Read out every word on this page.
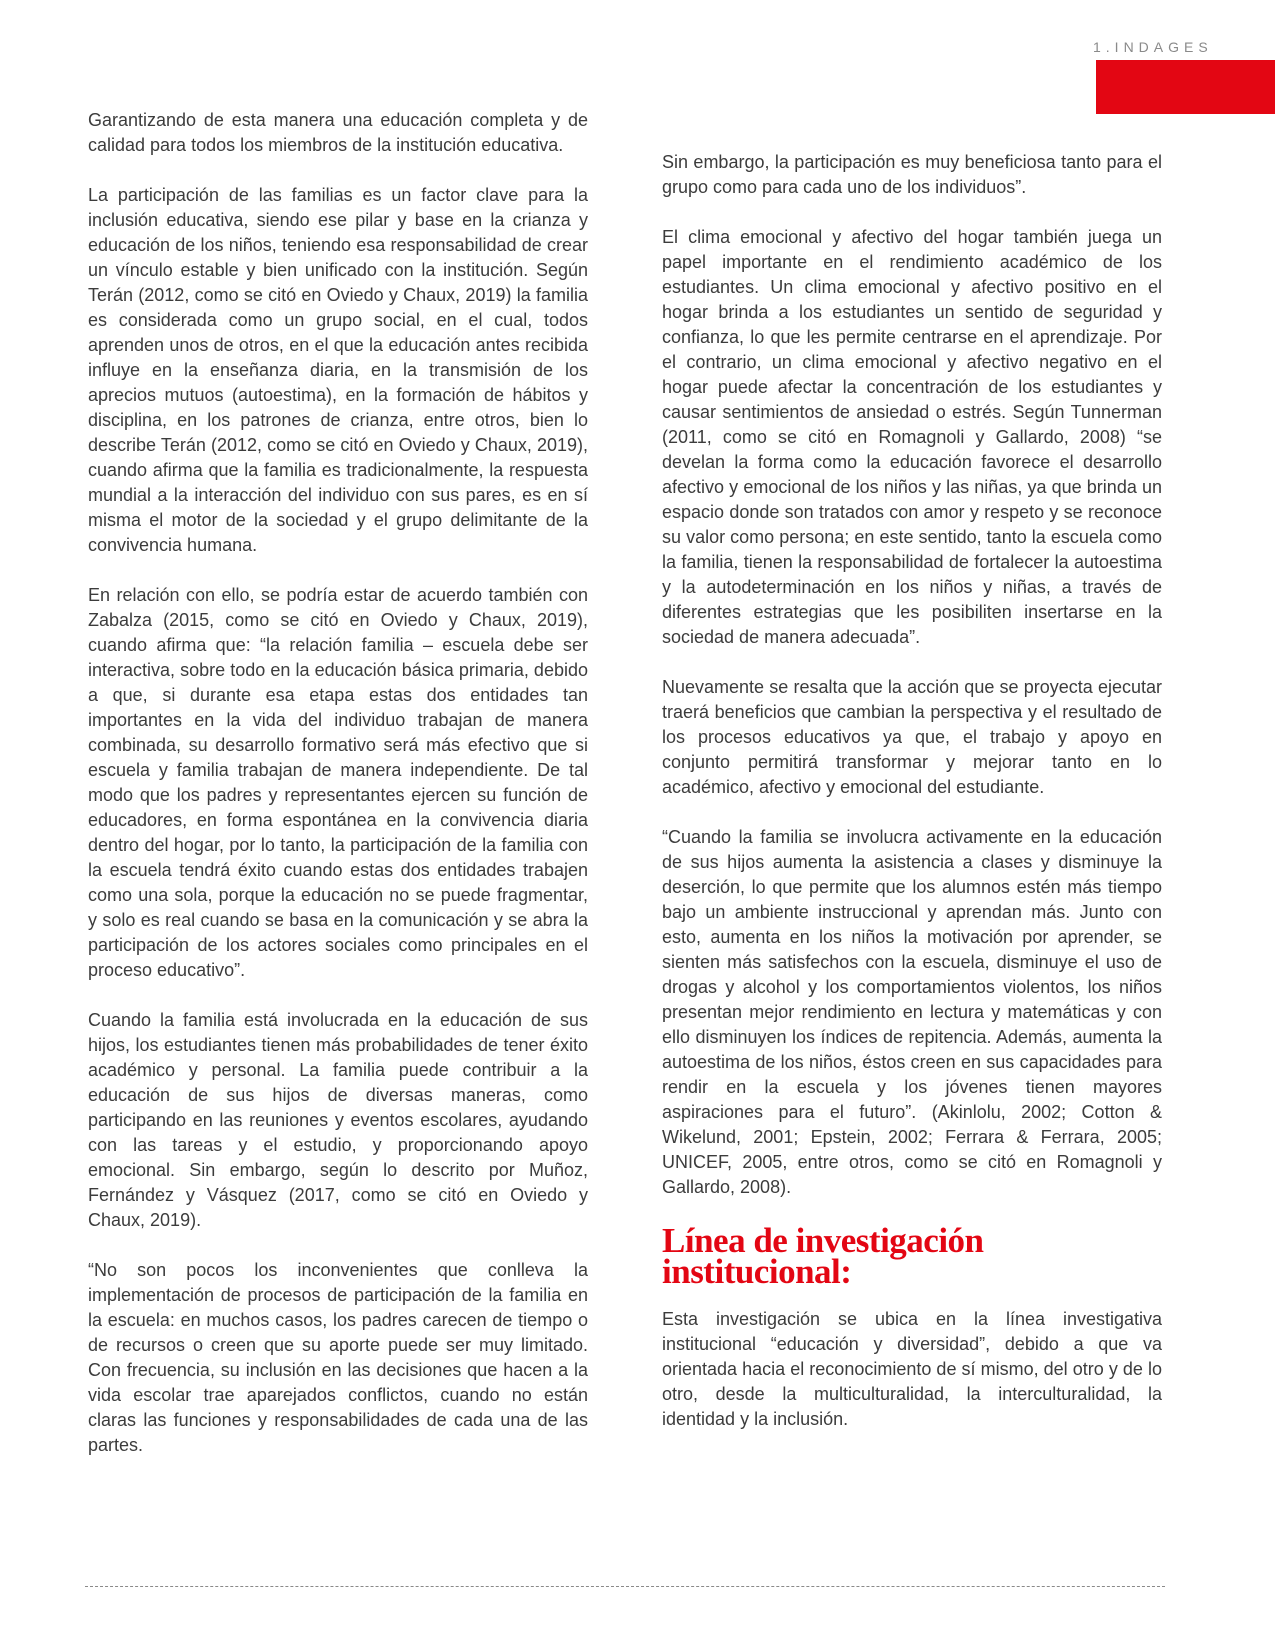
1.INDAGES

Garantizando de esta manera una educación completa y de calidad para todos los miembros de la institución educativa.

La participación de las familias es un factor clave para la inclusión educativa, siendo ese pilar y base en la crianza y educación de los niños, teniendo esa responsabilidad de crear un vínculo estable y bien unificado con la institución. Según Terán (2012, como se citó en Oviedo y Chaux, 2019) la familia es considerada como un grupo social, en el cual, todos aprenden unos de otros, en el que la educación antes recibida influye en la enseñanza diaria, en la transmisión de los aprecios mutuos (autoestima), en la formación de hábitos y disciplina, en los patrones de crianza, entre otros, bien lo describe Terán (2012, como se citó en Oviedo y Chaux, 2019), cuando afirma que la familia es tradicionalmente, la respuesta mundial a la interacción del individuo con sus pares, es en sí misma el motor de la sociedad y el grupo delimitante de la convivencia humana.

En relación con ello, se podría estar de acuerdo también con Zabalza (2015, como se citó en Oviedo y Chaux, 2019), cuando afirma que: “la relación familia – escuela debe ser interactiva, sobre todo en la educación básica primaria, debido a que, si durante esa etapa estas dos entidades tan importantes en la vida del individuo trabajan de manera combinada, su desarrollo formativo será más efectivo que si escuela y familia trabajan de manera independiente. De tal modo que los padres y representantes ejercen su función de educadores, en forma espontánea en la convivencia diaria dentro del hogar, por lo tanto, la participación de la familia con la escuela tendrá éxito cuando estas dos entidades trabajen como una sola, porque la educación no se puede fragmentar, y solo es real cuando se basa en la comunicación y se abra la participación de los actores sociales como principales en el proceso educativo”.

Cuando la familia está involucrada en la educación de sus hijos, los estudiantes tienen más probabilidades de tener éxito académico y personal. La familia puede contribuir a la educación de sus hijos de diversas maneras, como participando en las reuniones y eventos escolares, ayudando con las tareas y el estudio, y proporcionando apoyo emocional. Sin embargo, según lo descrito por Muñoz, Fernández y Vásquez (2017, como se citó en Oviedo y Chaux, 2019).

“No son pocos los inconvenientes que conlleva la implementación de procesos de participación de la familia en la escuela: en muchos casos, los padres carecen de tiempo o de recursos o creen que su aporte puede ser muy limitado. Con frecuencia, su inclusión en las decisiones que hacen a la vida escolar trae aparejados conflictos, cuando no están claras las funciones y responsabilidades de cada una de las partes.

Sin embargo, la participación es muy beneficiosa tanto para el grupo como para cada uno de los individuos”.

El clima emocional y afectivo del hogar también juega un papel importante en el rendimiento académico de los estudiantes. Un clima emocional y afectivo positivo en el hogar brinda a los estudiantes un sentido de seguridad y confianza, lo que les permite centrarse en el aprendizaje. Por el contrario, un clima emocional y afectivo negativo en el hogar puede afectar la concentración de los estudiantes y causar sentimientos de ansiedad o estrés. Según Tunnerman (2011, como se citó en Romagnoli y Gallardo, 2008) “se develan la forma como la educación favorece el desarrollo afectivo y emocional de los niños y las niñas, ya que brinda un espacio donde son tratados con amor y respeto y se reconoce su valor como persona; en este sentido, tanto la escuela como la familia, tienen la responsabilidad de fortalecer la autoestima y la autodeterminación en los niños y niñas, a través de diferentes estrategias que les posibiliten insertarse en la sociedad de manera adecuada”.

Nuevamente se resalta que la acción que se proyecta ejecutar traerá beneficios que cambian la perspectiva y el resultado de los procesos educativos ya que, el trabajo y apoyo en conjunto permitirá transformar y mejorar tanto en lo académico, afectivo y emocional del estudiante.

“Cuando la familia se involucra activamente en la educación de sus hijos aumenta la asistencia a clases y disminuye la deserción, lo que permite que los alumnos estén más tiempo bajo un ambiente instruccional y aprendan más. Junto con esto, aumenta en los niños la motivación por aprender, se sienten más satisfechos con la escuela, disminuye el uso de drogas y alcohol y los comportamientos violentos, los niños presentan mejor rendimiento en lectura y matemáticas y con ello disminuyen los índices de repitencia. Además, aumenta la autoestima de los niños, éstos creen en sus capacidades para rendir en la escuela y los jóvenes tienen mayores aspiraciones para el futuro”. (Akinlolu, 2002; Cotton & Wikelund, 2001; Epstein, 2002; Ferrara & Ferrara, 2005; UNICEF, 2005, entre otros, como se citó en Romagnoli y Gallardo, 2008).

Línea de investigación institucional:

Esta investigación se ubica en la línea investigativa institucional “educación y diversidad”, debido a que va orientada hacia el reconocimiento de sí mismo, del otro y de lo otro, desde la multiculturalidad, la interculturalidad, la identidad y la inclusión.
